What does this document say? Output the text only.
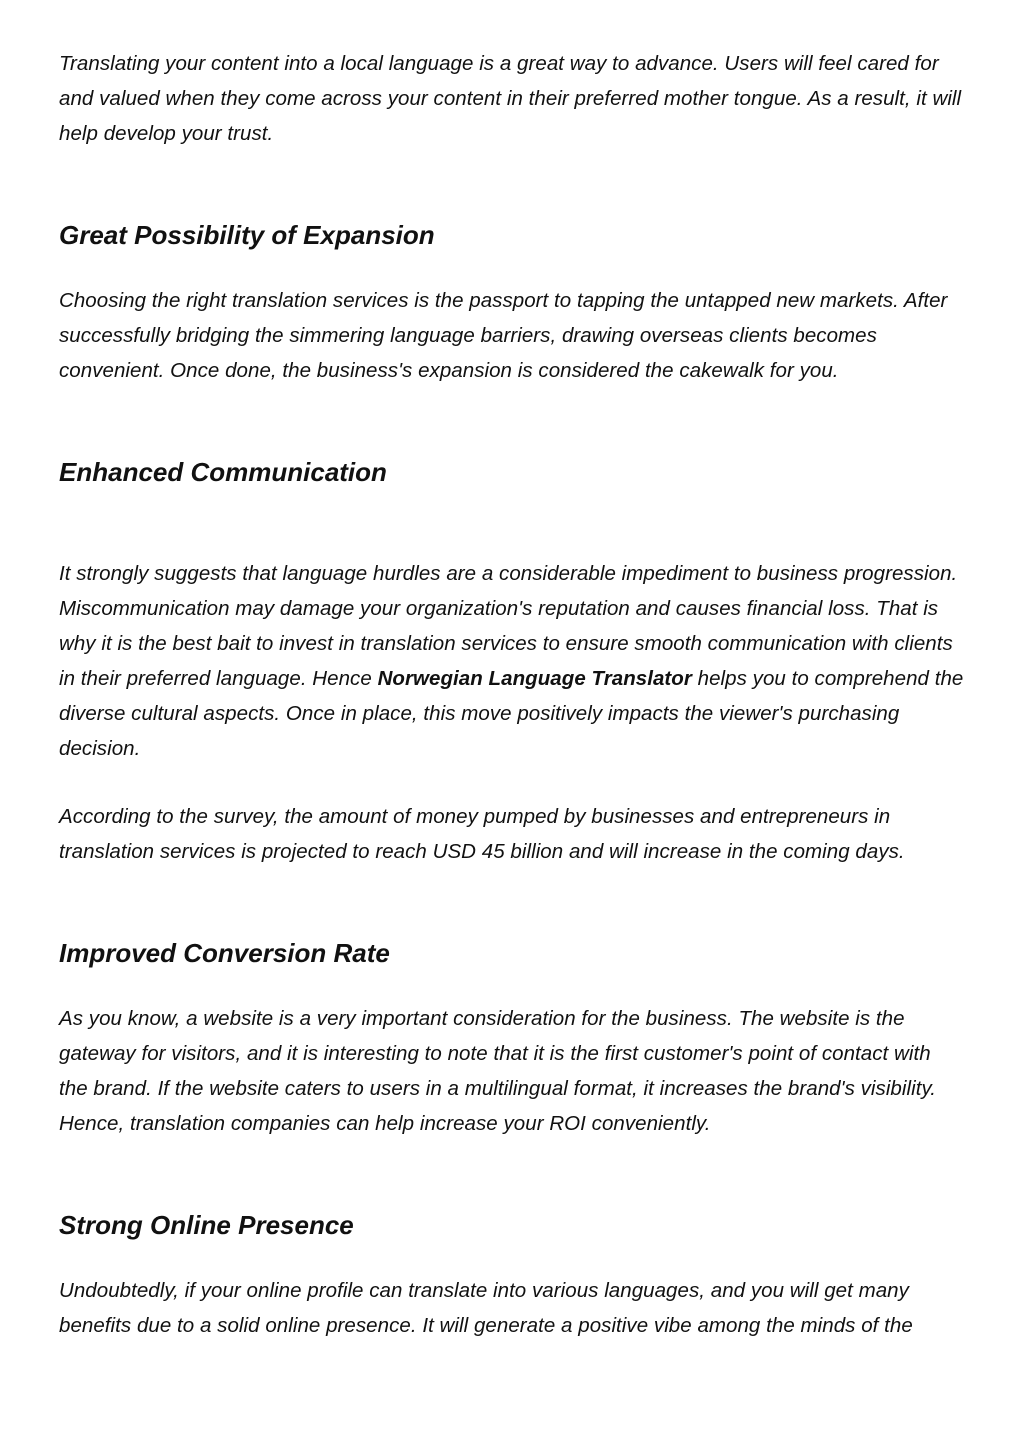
Translating your content into a local language is a great way to advance. Users will feel cared for and valued when they come across your content in their preferred mother tongue. As a result, it will help develop your trust.

Great Possibility of Expansion

Choosing the right translation services is the passport to tapping the untapped new markets. After successfully bridging the simmering language barriers, drawing overseas clients becomes convenient. Once done, the business's expansion is considered the cakewalk for you.

Enhanced Communication

It strongly suggests that language hurdles are a considerable impediment to business progression. Miscommunication may damage your organization's reputation and causes financial loss. That is why it is the best bait to invest in translation services to ensure smooth communication with clients in their preferred language. Hence Norwegian Language Translator helps you to comprehend the diverse cultural aspects. Once in place, this move positively impacts the viewer's purchasing decision.

According to the survey, the amount of money pumped by businesses and entrepreneurs in translation services is projected to reach USD 45 billion and will increase in the coming days.

Improved Conversion Rate

As you know, a website is a very important consideration for the business. The website is the gateway for visitors, and it is interesting to note that it is the first customer's point of contact with the brand. If the website caters to users in a multilingual format, it increases the brand's visibility. Hence, translation companies can help increase your ROI conveniently.

Strong Online Presence

Undoubtedly, if your online profile can translate into various languages, and you will get many benefits due to a solid online presence. It will generate a positive vibe among the minds of the
